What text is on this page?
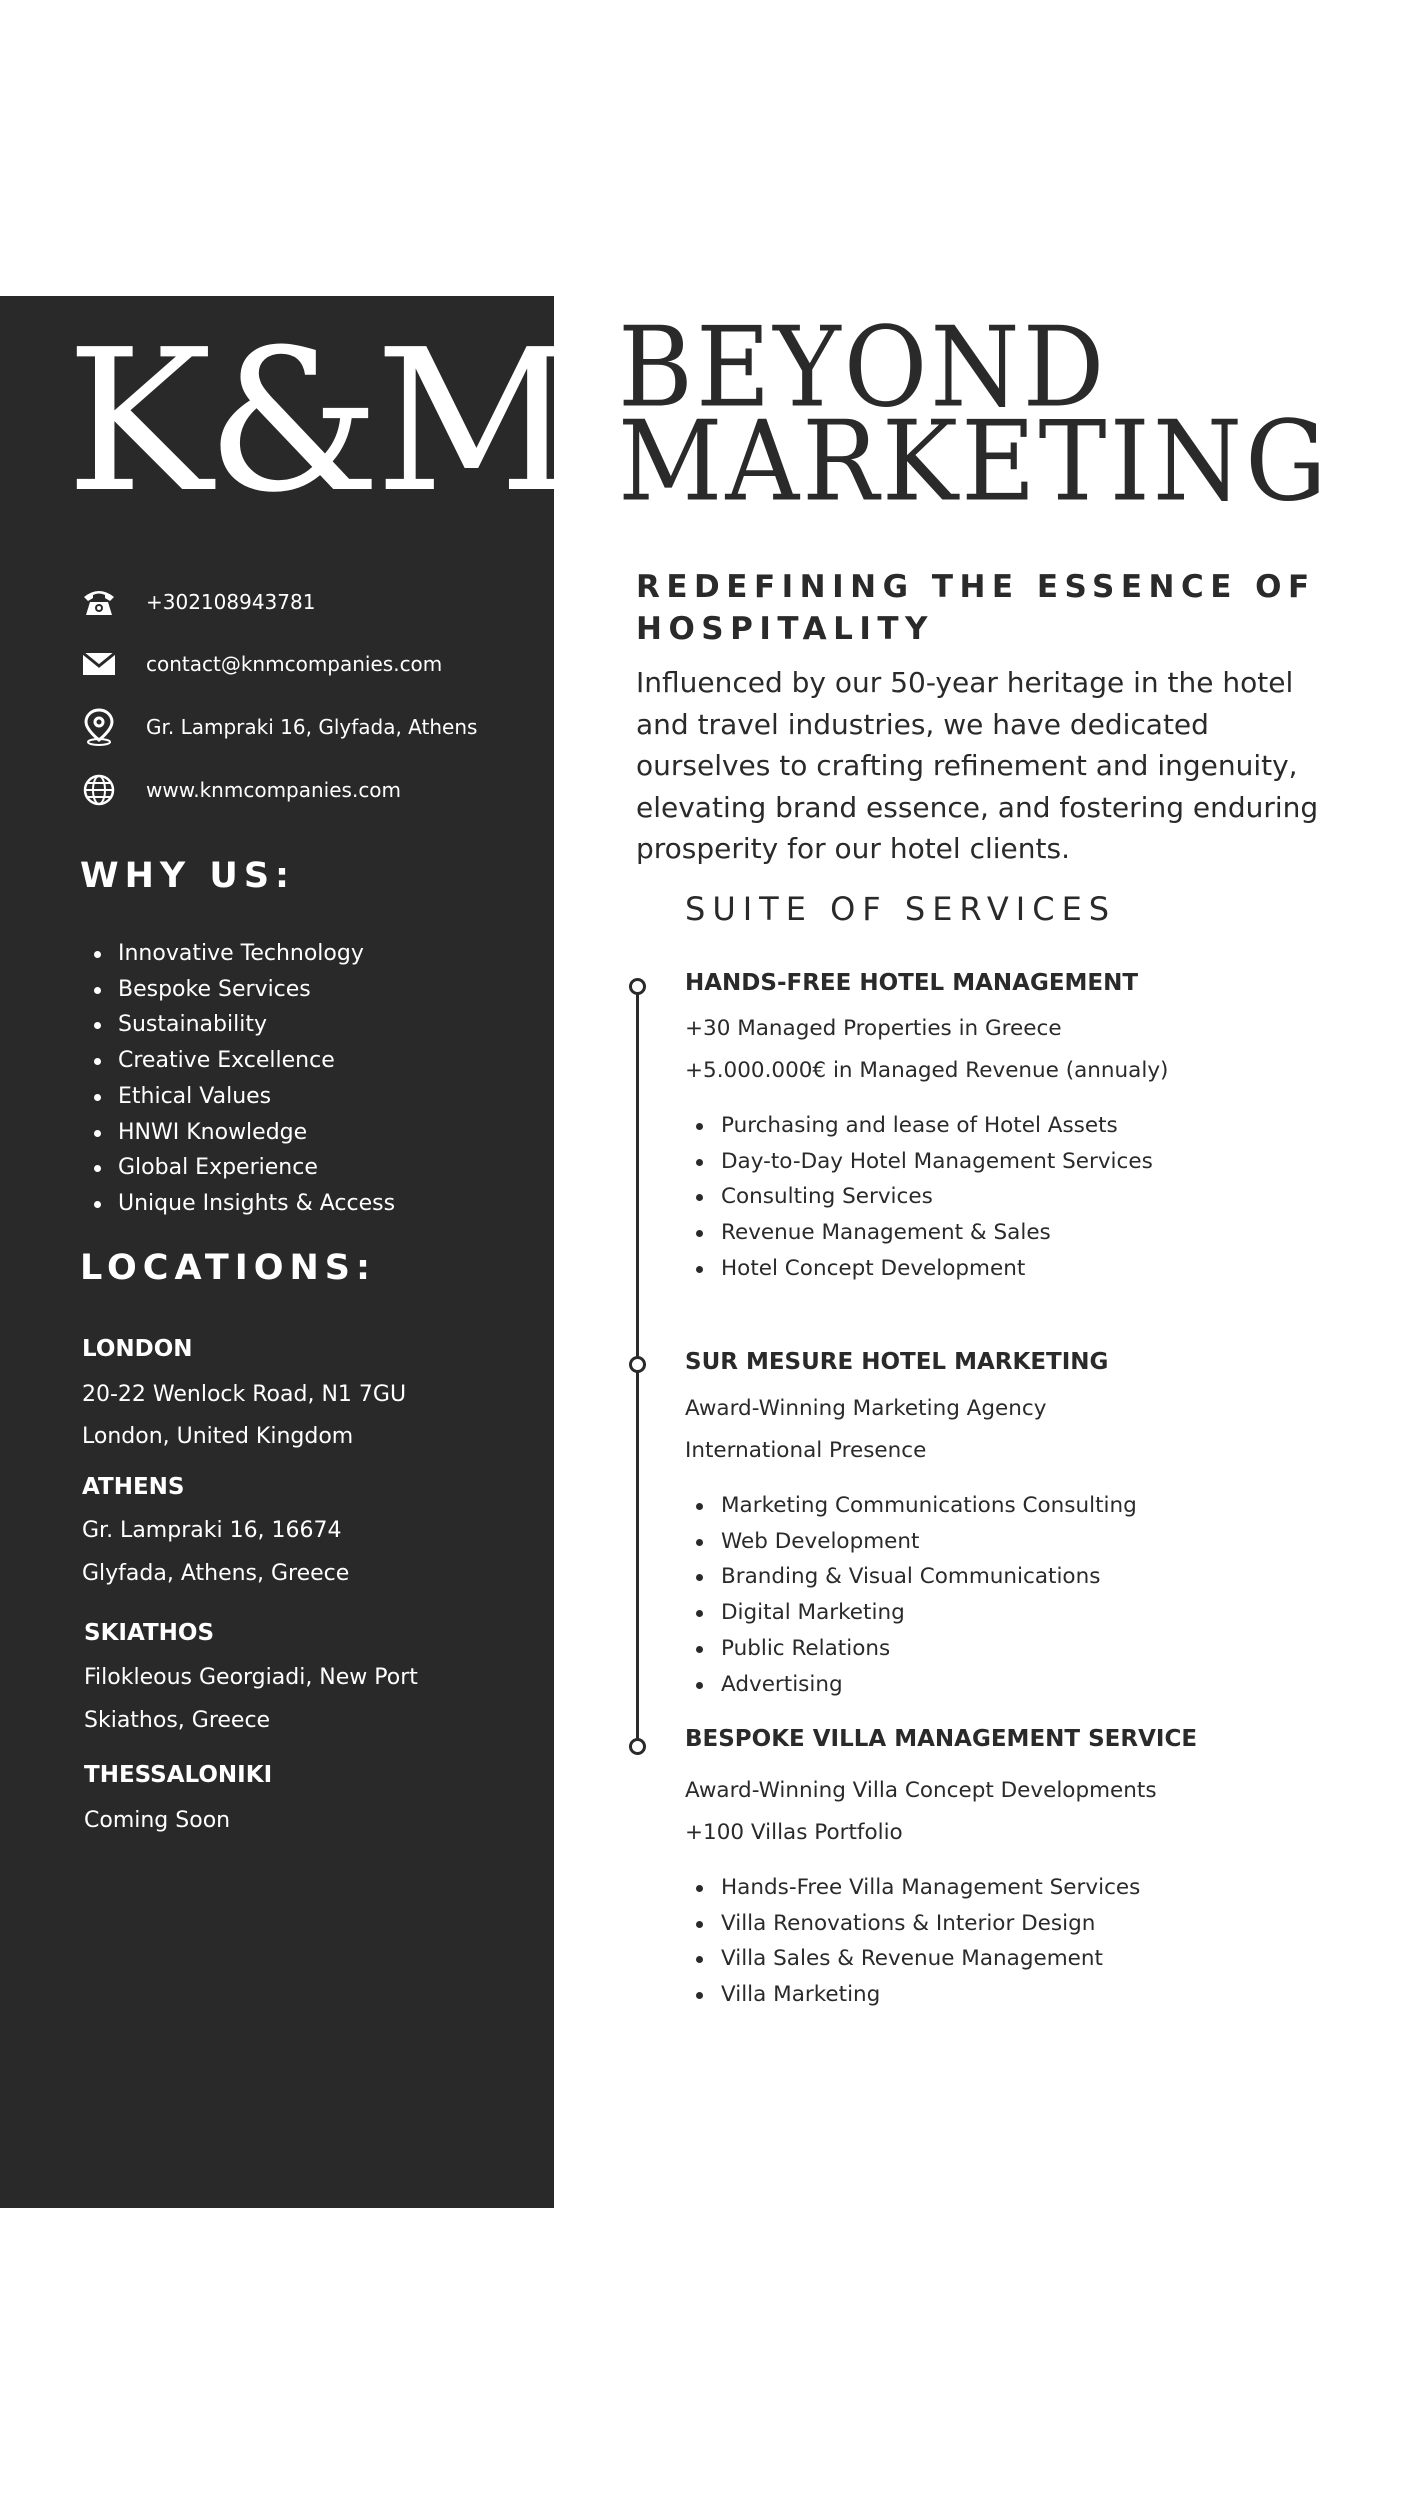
K&M
+302108943781
contact@knmcompanies.com
Gr. Lampraki 16, Glyfada, Athens
www.knmcompanies.com
WHY US:
Innovative Technology
Bespoke Services
Sustainability
Creative Excellence
Ethical Values
HNWI Knowledge
Global Experience
Unique Insights & Access
LOCATIONS:
LONDON
20-22 Wenlock Road, N1 7GU
London, United Kingdom
ATHENS
Gr. Lampraki 16, 16674
Glyfada, Athens, Greece
SKIATHOS
Filokleous Georgiadi, New Port
Skiathos, Greece
THESSALONIKI
Coming Soon
BEYOND
MARKETING
REDEFINING THE ESSENCE OF
HOSPITALITY

Influenced by our 50-year heritage in the hotel and travel industries, we have dedicated ourselves to crafting refinement and ingenuity, elevating brand essence, and fostering enduring prosperity for our hotel clients.

SUITE OF SERVICES
HANDS-FREE HOTEL MANAGEMENT
+30 Managed Properties in Greece
+5.000.000€ in Managed Revenue (annualy)
Purchasing and lease of Hotel Assets
Day-to-Day Hotel Management Services
Consulting Services
Revenue Management & Sales
Hotel Concept Development
SUR MESURE HOTEL MARKETING
Award-Winning Marketing Agency
International Presence
Marketing Communications Consulting
Web Development
Branding & Visual Communications
Digital Marketing
Public Relations
Advertising
BESPOKE VILLA MANAGEMENT SERVICE
Award-Winning Villa Concept Developments
+100 Villas Portfolio
Hands-Free Villa Management Services
Villa Renovations & Interior Design
Villa Sales & Revenue Management
Villa Marketing
